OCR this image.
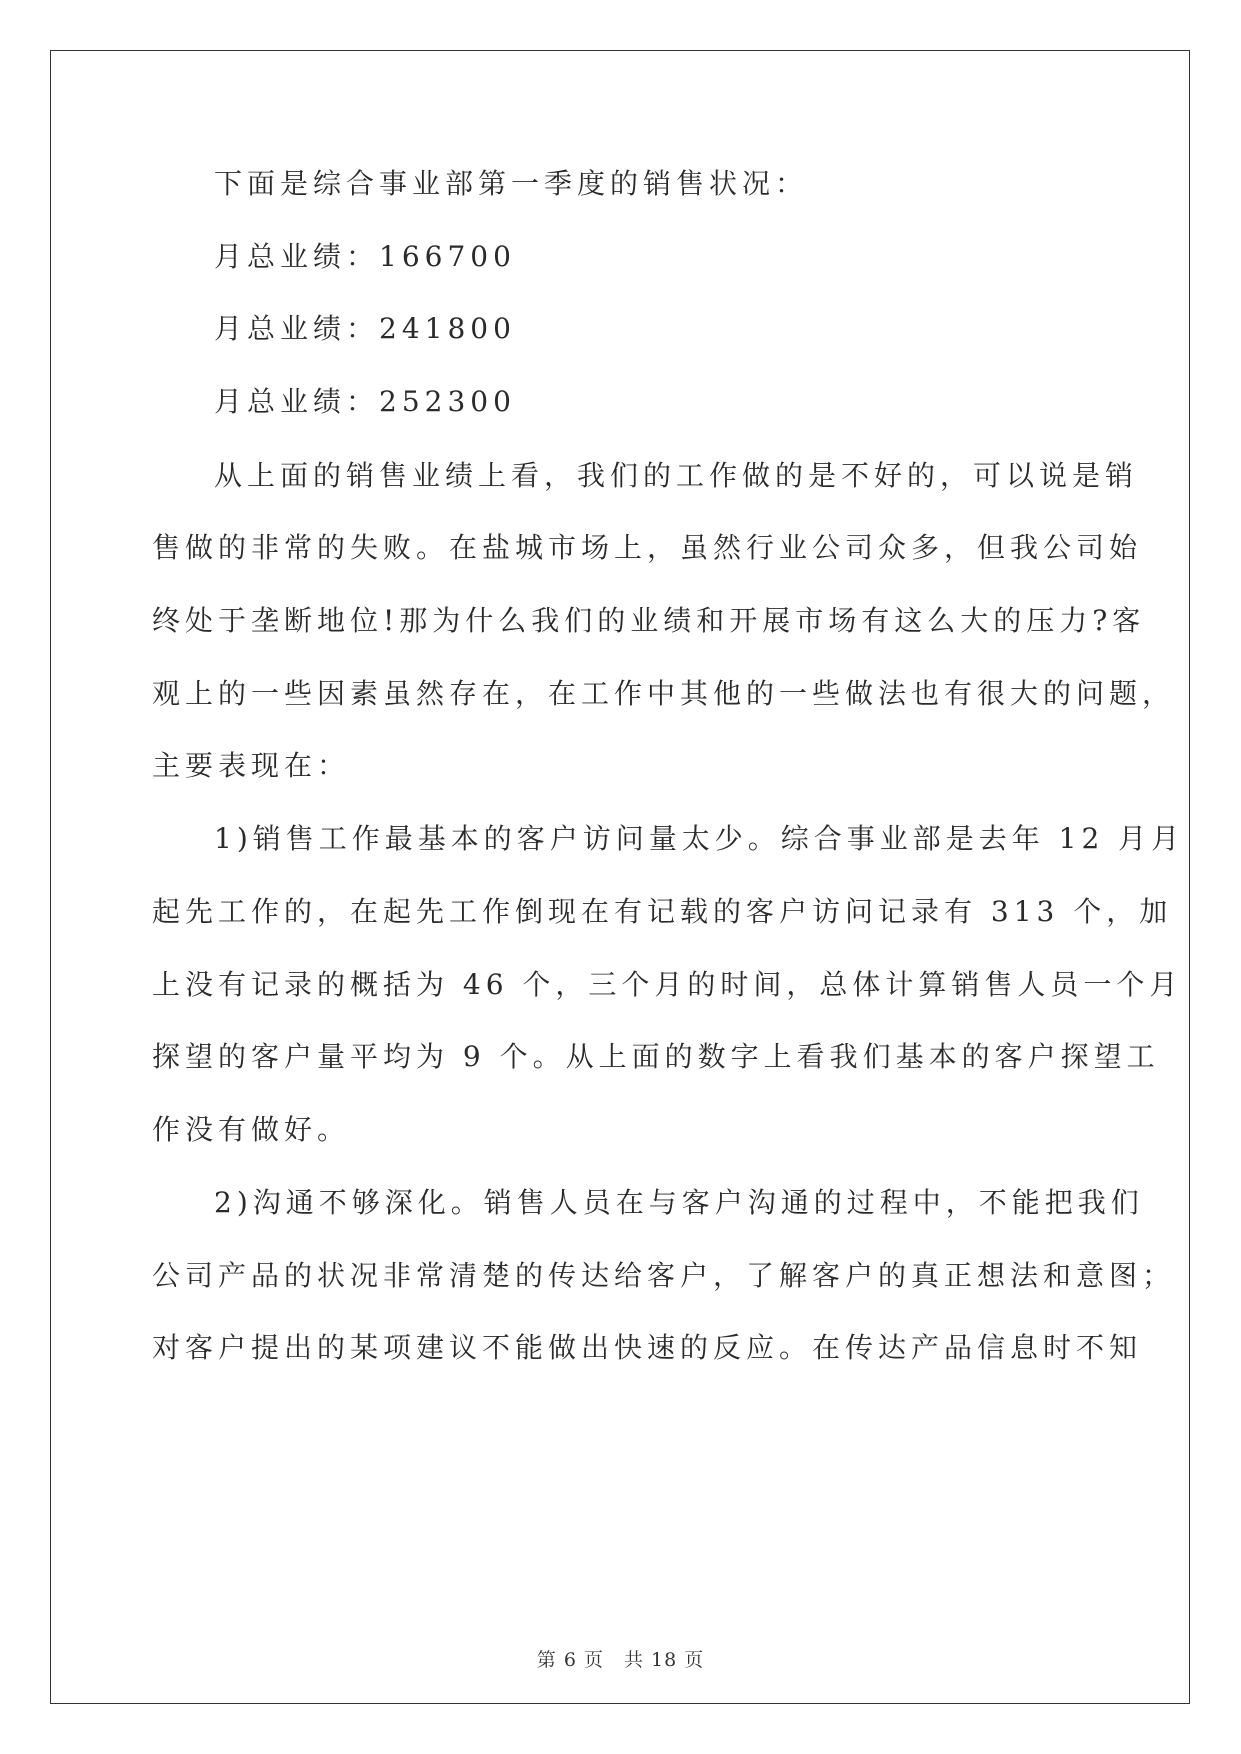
下面是综合事业部第一季度的销售状况：
月总业绩：166700
月总业绩：241800
月总业绩：252300
从上面的销售业绩上看，我们的工作做的是不好的，可以说是销
售做的非常的失败。在盐城市场上，虽然行业公司众多，但我公司始
终处于垄断地位!那为什么我们的业绩和开展市场有这么大的压力?客
观上的一些因素虽然存在，在工作中其他的一些做法也有很大的问题，
主要表现在：
1)销售工作最基本的客户访问量太少。综合事业部是去年 12 月月
起先工作的，在起先工作倒现在有记载的客户访问记录有 313 个，加
上没有记录的概括为 46 个，三个月的时间，总体计算销售人员一个月
探望的客户量平均为 9 个。从上面的数字上看我们基本的客户探望工
作没有做好。
2)沟通不够深化。销售人员在与客户沟通的过程中，不能把我们
公司产品的状况非常清楚的传达给客户，了解客户的真正想法和意图；
对客户提出的某项建议不能做出快速的反应。在传达产品信息时不知
第 6 页　共 18 页
